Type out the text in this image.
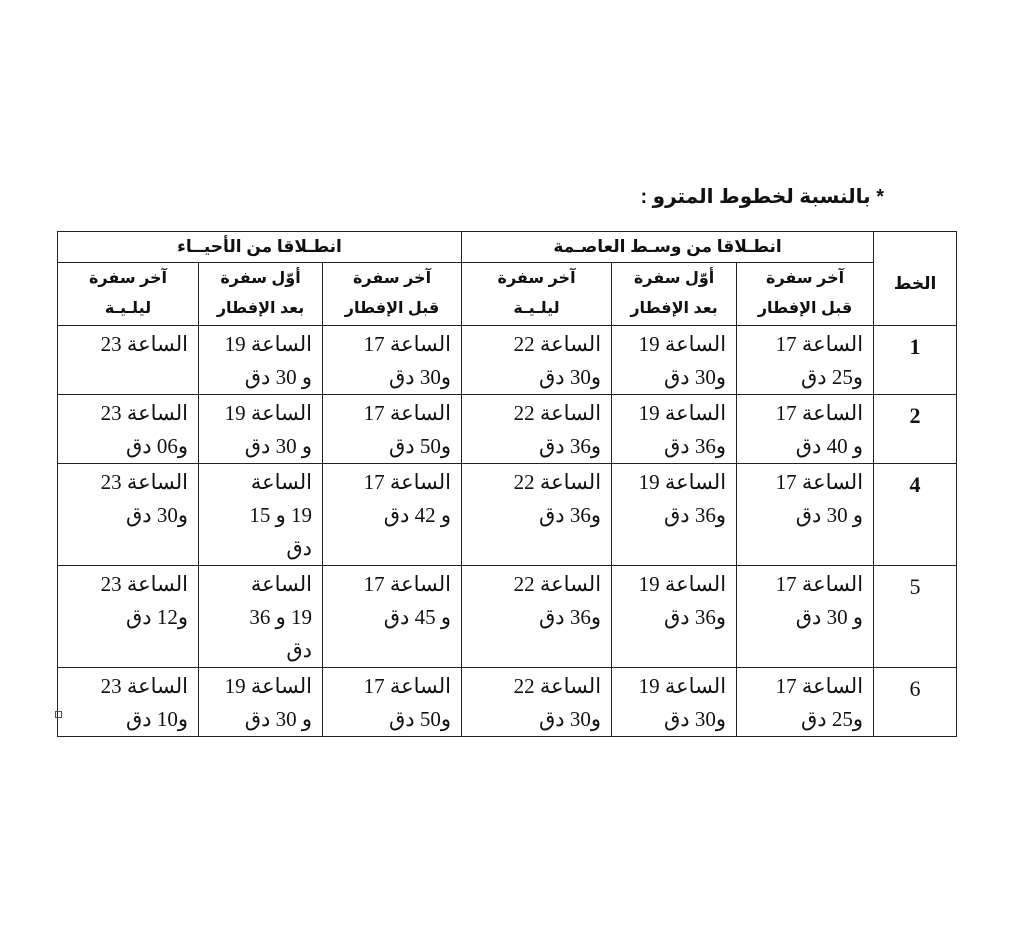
* بالنسبة لخطوط المترو :
الخط	انطـلاقا من وسـط العاصـمة			انطـلاقا من الأحيــاء		

	آخر سفرة
قبل الإفطار	أوّل سفرة
بعد الإفطار	آخر سفرة
ليلـيـة	آخر سفرة
قبل الإفطار	أوّل سفرة
بعد الإفطار	آخر سفرة
ليلـيـة

1	الساعة 17
و25 دق	الساعة 19
و30 دق	الساعة 22
و30 دق	الساعة 17
و30 دق	الساعة 19
و 30 دق	الساعة 23

2	الساعة 17
و 40 دق	الساعة 19
و36 دق	الساعة 22
و36 دق	الساعة 17
و50 دق	الساعة 19
و 30 دق	الساعة 23
و06 دق

4	الساعة 17
و 30 دق	الساعة 19
و36 دق	الساعة 22
و36 دق	الساعة 17
و 42 دق	الساعة
19 و 15
دق	الساعة 23
و30 دق

5	الساعة 17
و 30 دق	الساعة 19
و36 دق	الساعة 22
و36 دق	الساعة 17
و 45 دق	الساعة
19 و 36
دق	الساعة 23
و12 دق

6	الساعة 17
و25 دق	الساعة 19
و30 دق	الساعة 22
و30 دق	الساعة 17
و50 دق	الساعة 19
و 30 دق	الساعة 23
و10 دق
